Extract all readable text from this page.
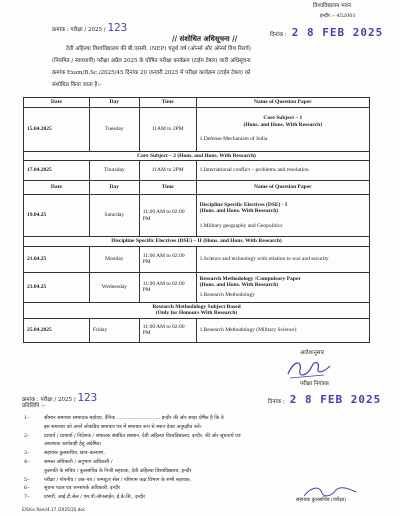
विश्वविद्यालय भवन
इन्दौर :- 452001
क्रमांक : परीक्षा / 2025 / 123
दिनांक : 2 8 FEB 2025
// संशोधित अधिसूचना //
देवी अहिल्या विश्वविद्यालय की बी.एससी. (NEP) चतुर्थ वर्ष (ऑनर्स और ऑनर्स विथ रिसर्च)
(नियमित / स्वाध्यायी) परीक्षा अप्रैल 2025 के घोषित परीक्षा कार्यक्रम (टाईम टेबल) जारी अधिसूचना
क्रमांक Exam/B.Sc./2025/45 दिनांक 20 जनवरी 2025 में परीक्षा कार्यक्रम (टाईम टेबल) को
संशोधित किया जाता है:–
Date	Day	Time	Name of Question Paper
15.04.2025	Tuesday	11AM to 2PM	Core Subject – 1
(Hons. and Hons. With Research)
1.Defense Mechanism of India

Core Subject – 2 (Hons. and Hons. With Research)			
17.04.2025	Thursday	11AM to 2PM	1.International conflict – problems and resolution
Date	Day	Time	Name of Question Paper
19.04.25	Saturday	11:00 AM to 02:00 PM	Discipline Specific Electives (DSE) - I
(Hons. and Hons. With Research)
1.Military geography and Geopolitics

Discipline Specific Electives (DSE) – II (Hons. and Hons. With Research)			
21.04.25	Monday	11:00 AM to 02:00 PM	1.Science and technology with relation to war and security
23.04.25	Wednesday	11:00 AM to 02:00 PM	Research Methodology /Compulsory Paper
(Hons. and Hons. With Research)
1.Research Methodology

Research Methodology Subject Based
(Only for Honours With Research)			

25.04.2025	Friday	11:00 AM to 02:00 PM	1.Research Methodology (Military Science)
आदेशानुसार
परीक्षा नियंत्रक
क्रमांक : परीक्षा / 2025 / 123
प्रतिलिपि :–
दिनांक : 2 8 FEB 2025
1–	श्रीमान समाचार सम्पादक महोदय, दैनिक ............................ इन्दौर की ओर सादर प्रेषित है कि वे
इस समाचार को अपने लोकप्रिय समाचार पत्र में समाचार रूप से स्थान देकर अनुग्रहीत करें।
2–	प्राचार्य / प्राचार्या / निदेशक / संचालक संबंधित संस्थान, देवी अहिल्या विश्वविद्यालय, इन्दौर, की ओर सूचनार्थ एवं
आवश्यक कार्यवाही हेतु अग्रेषित।
3–	सहायक कुलसचिव, छात्र–कल्याण,
4–	समस्त अधिकारी / अनुभाग अधिकारी /
कुलपति के सचिव / कुलसचिव के निजी सहायक, देवी अहिल्या विश्वविद्यालय, इन्दौर
5–	परीक्षा / गोपनीय / प्रश्न–पत्र / कम्प्यूटर सेल / परिणाम कक्ष विभाग के सभी सहायक,
6–	सूचना पटल एवं जनसंपर्क अधिकारी, इन्दौर
7–	प्रभारी, आई.टी.सेल / एम.पी.ऑनलाईन, ई.के.सि., इन्दौर	सहायक कुलसचिव (परीक्षा)
E/Shiv Rani/4.17 /2025/25.doc
